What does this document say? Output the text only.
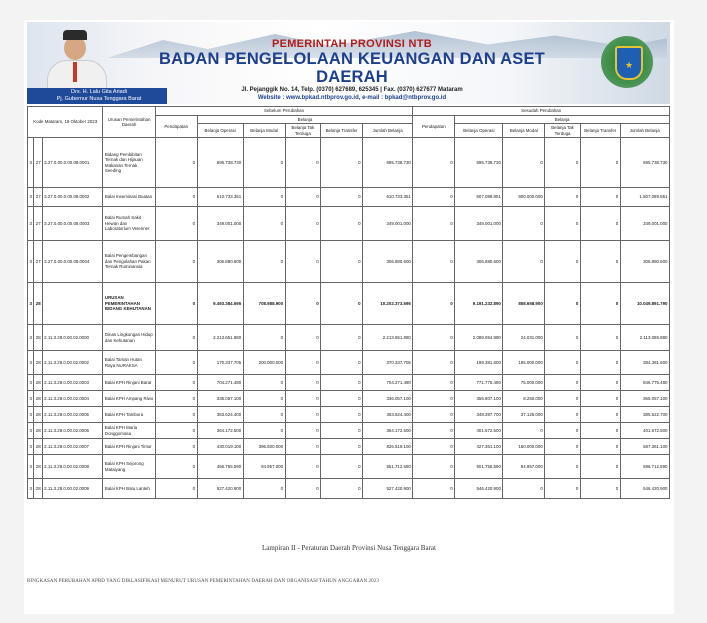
Drs. H. Lalu Gita Ariadi
Pj. Gubernur Nusa Tenggara Barat
PEMERINTAH PROVINSI NTB
BADAN PENGELOLAAN KEUANGAN DAN ASET DAERAH
Jl. Pejanggik No. 14, Telp. (0370) 627689, 625345 | Fax. (0370) 627677 Mataram
Website : www.bpkad.ntbprov.go.id, e-mail : bpkad@ntbprov.go.id
★
Kode Mataram, 19 Oktober 2023			Urusan Pemerintahan Daerah	Sebelum Perubahan						Sesudah Perubahan					
				Pendapatan	Belanja					Pendapatan	Belanja				
					Belanja Operasi	Belanja Modal	Belanja Tak Terduga	Belanja Transfer	Jumlah Belanja		Belanja Operasi	Belanja Modal	Belanja Tak Terduga	Belanja Transfer	Jumlah Belanja
3	27	3.27.0.00.0.00.08.0001	Bidang Pembibitan Ternak dan Hijauan Makanan Ternak Seeding	0	695.738.730	0	0	0	695.738.730	0	695.738.730	0	0	0	695.738.730
3	27	3.27.0.00.0.00.08.0002	Balai Inseminasi Buatan	0	610.733.351	0	0	0	610.733.351	0	607.089.851	900.000.000	0	0	1.507.089.851
3	27	3.27.0.00.0.00.08.0003	Balai Rumah Sakit Hewan dan Laboratorium Veteriner	0	349.001.000	0	0	0	349.001.000	0	349.001.000	0	0	0	349.001.000
3	27	3.27.0.00.0.00.08.0004	Balai Pengembangan dan Pengolahan Pakan Ternak Ruminansia	0	306.880.600	0	0	0	306.880.600	0	306.880.600	0	0	0	306.880.600
3	28		URUSAN PEMERINTAHAN BIDANG KEHUTANAN	0	9.493.384.695	708.988.900	0	0	10.202.373.595	0	9.191.232.890	858.658.900	0	0	10.049.891.790
3	28	2.11.3.28.0.00.02.0000	Dinas Lingkungan Hidup dan Kehutanan	0	2.213.651.880	0	0	0	2.213.651.880	0	2.089.054.980	24.031.000	0	0	2.113.086.880
3	28	2.11.3.28.0.00.02.0002	Balai Taman Hutan Raya NURAKSA	0	170.337.705	200.000.000	0	0	370.337.705	0	199.381.600	185.000.000	0	0	384.381.600
3	28	2.11.3.28.0.00.02.0003	Balai KPH Rinjani Barat	0	704.271.480	0	0	0	704.271.480	0	771.775.480	75.000.000	0	0	846.775.480
3	28	2.11.3.28.0.00.02.0004	Balai KPH Ampang Riwo	0	336.057.100	0	0	0	336.057.100	0	356.807.100	8.250.000	0	0	365.057.100
3	28	2.11.3.28.0.00.02.0005	Balai KPH Tambora	0	363.624.400	0	0	0	363.624.400	0	348.397.700	37.125.000	0	0	385.522.700
3	28	2.11.3.28.0.00.02.0006	Balai KPH Maria Donggomasa	0	364.172.500	0	0	0	364.172.500	0	401.672.500	0	0	0	401.672.500
3	28	2.11.3.28.0.00.02.0007	Balai KPH Rinjani Timur	0	430.019.100	396.500.000	0	0	826.519.100	0	427.361.100	160.000.000	0	0	587.361.100
3	28	2.11.3.28.0.00.02.0008	Balai KPH Sejorong Mataiyang	0	456.755.590	94.957.000	0	0	551.712.590	0	501.755.590	94.957.000	0	0	596.712.590
3	28	2.11.3.28.0.00.02.0009	Balai KPH Batu Lanteh	0	527.420.900	0	0	0	527.420.900	0	546.420.900	0	0	0	546.420.900
Lampiran II - Peraturan Daerah Provinsi Nusa Tenggara Barat
RINGKASAN PERUBAHAN APBD YANG DIKLASIFIKASI MENURUT URUSAN PEMERINTAHAN DAERAH DAN ORGANISASI TAHUN ANGGARAN 2023
